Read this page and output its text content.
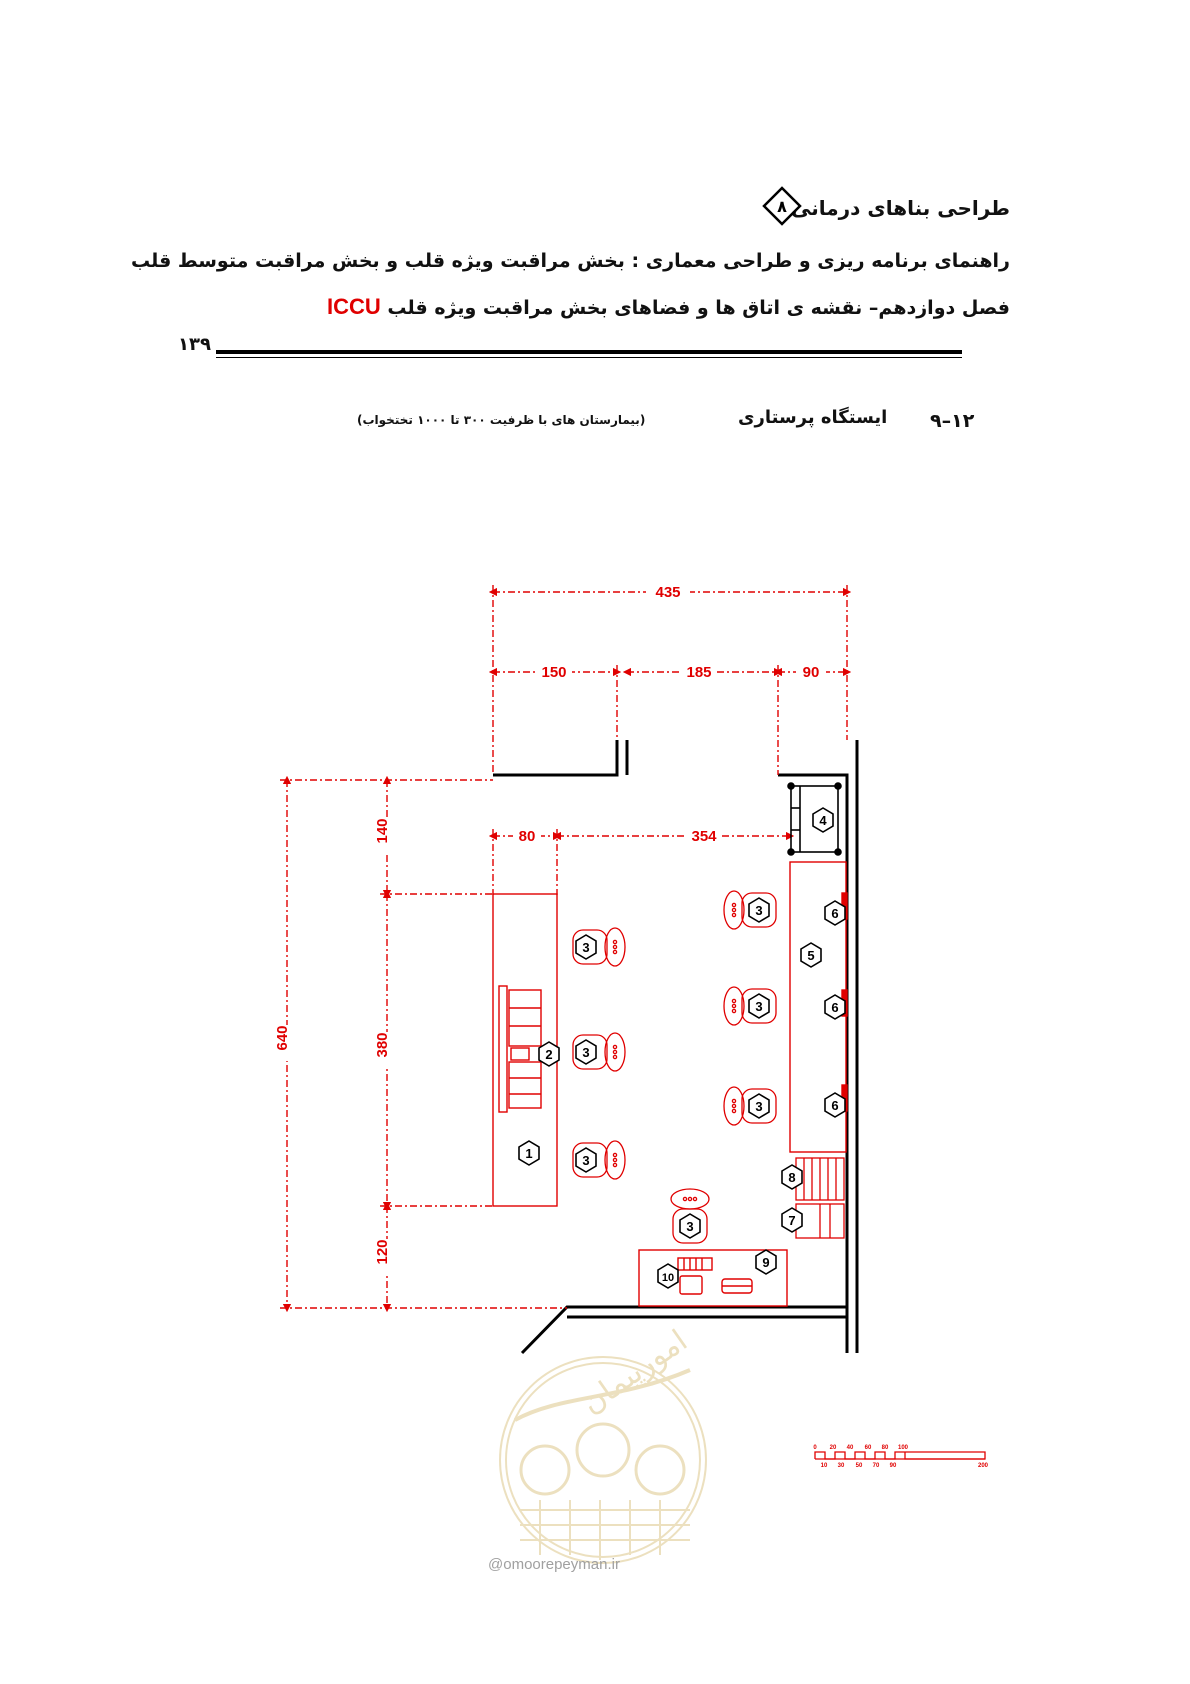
طراحی بناهای درمانی
۸
راهنمای برنامه ریزی و طراحی معماری : بخش مراقبت ویژه قلب و بخش مراقبت متوسط قلب
فصل دوازدهم– نقشه ی اتاق ها و فضاهای بخش مراقبت ویژه قلب ICCU
۱۳۹
۹–۱۲
ایستگاه پرستاری
(بیمارستان های با ظرفیت ۳۰۰ تا ۱۰۰۰ تختخواب)
435
150	185	90
80	354
640
140
380
120
1
2
3
3
3
3
3
3
3
4
5
6
6
6
7
8
9
10
0 20 40 60 80 100
10 30 50 70 90	200
امورپیمان
@omoorepeyman.ir
